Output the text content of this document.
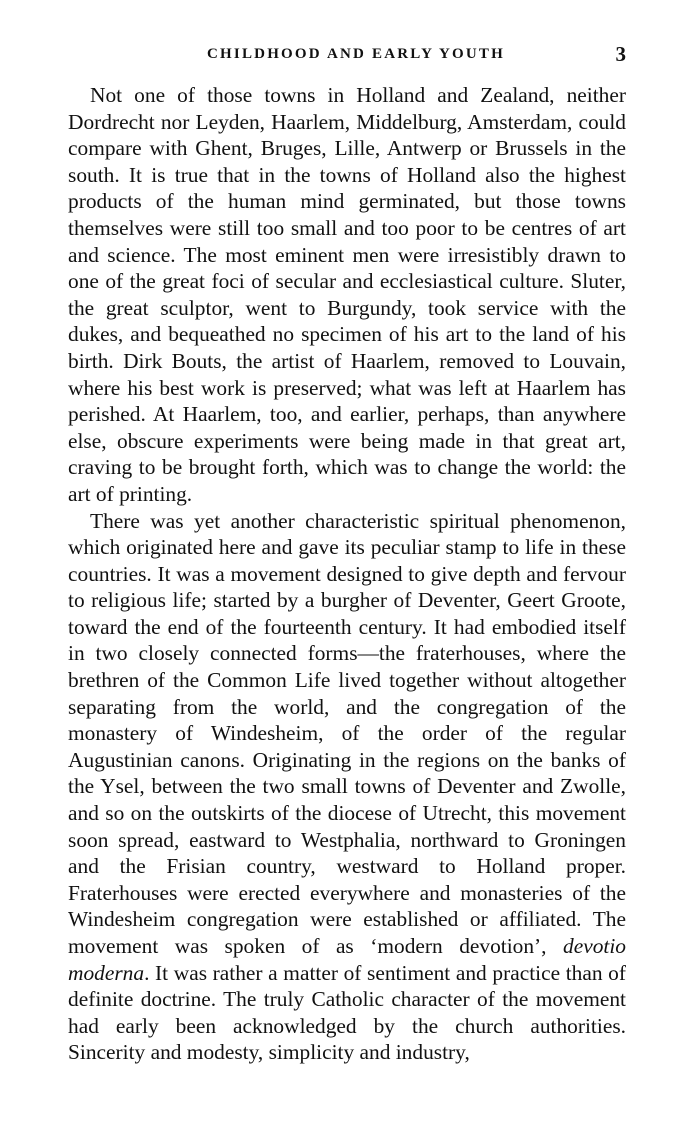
CHILDHOOD AND EARLY YOUTH	3

Not one of those towns in Holland and Zealand, neither Dordrecht nor Leyden, Haarlem, Middelburg, Amsterdam, could compare with Ghent, Bruges, Lille, Antwerp or Brussels in the south. It is true that in the towns of Holland also the highest products of the human mind germinated, but those towns themselves were still too small and too poor to be centres of art and science. The most eminent men were irresistibly drawn to one of the great foci of secular and ecclesiastical culture. Sluter, the great sculptor, went to Burgundy, took service with the dukes, and bequeathed no specimen of his art to the land of his birth. Dirk Bouts, the artist of Haarlem, removed to Louvain, where his best work is preserved; what was left at Haarlem has perished. At Haarlem, too, and earlier, perhaps, than anywhere else, obscure experiments were being made in that great art, craving to be brought forth, which was to change the world: the art of printing.

There was yet another characteristic spiritual phenomenon, which originated here and gave its peculiar stamp to life in these countries. It was a movement designed to give depth and fervour to religious life; started by a burgher of Deventer, Geert Groote, toward the end of the fourteenth century. It had embodied itself in two closely connected forms—the fraterhouses, where the brethren of the Common Life lived together without altogether separating from the world, and the congregation of the monastery of Windesheim, of the order of the regular Augustinian canons. Originating in the regions on the banks of the Ysel, between the two small towns of Deventer and Zwolle, and so on the outskirts of the diocese of Utrecht, this movement soon spread, eastward to Westphalia, northward to Groningen and the Frisian country, westward to Holland proper. Fraterhouses were erected everywhere and monasteries of the Windesheim congregation were established or affiliated. The movement was spoken of as ‘modern devotion’, devotio moderna. It was rather a matter of sentiment and practice than of definite doctrine. The truly Catholic character of the movement had early been acknowledged by the church authorities. Sincerity and modesty, simplicity and industry,
